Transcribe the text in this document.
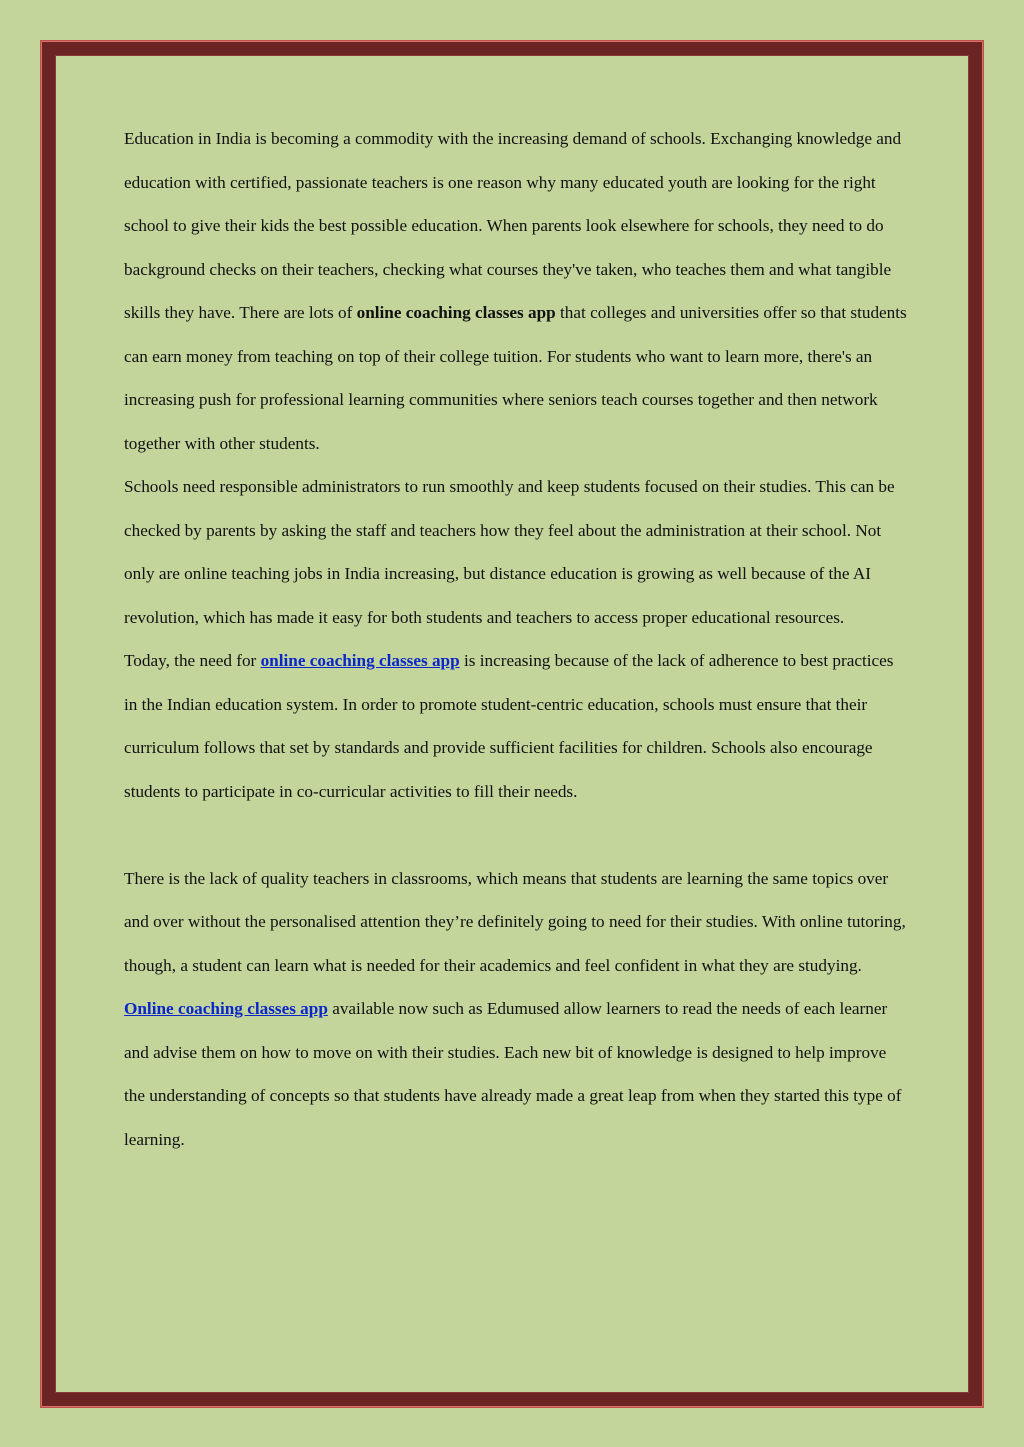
Education in India is becoming a commodity with the increasing demand of schools. Exchanging knowledge and education with certified, passionate teachers is one reason why many educated youth are looking for the right school to give their kids the best possible education. When parents look elsewhere for schools, they need to do background checks on their teachers, checking what courses they've taken, who teaches them and what tangible skills they have. There are lots of online coaching classes app that colleges and universities offer so that students can earn money from teaching on top of their college tuition. For students who want to learn more, there's an increasing push for professional learning communities where seniors teach courses together and then network together with other students.

Schools need responsible administrators to run smoothly and keep students focused on their studies. This can be checked by parents by asking the staff and teachers how they feel about the administration at their school. Not only are online teaching jobs in India increasing, but distance education is growing as well because of the AI revolution, which has made it easy for both students and teachers to access proper educational resources.

Today, the need for online coaching classes app is increasing because of the lack of adherence to best practices in the Indian education system. In order to promote student-centric education, schools must ensure that their curriculum follows that set by standards and provide sufficient facilities for children. Schools also encourage students to participate in co-curricular activities to fill their needs.

There is the lack of quality teachers in classrooms, which means that students are learning the same topics over and over without the personalised attention they’re definitely going to need for their studies. With online tutoring, though, a student can learn what is needed for their academics and feel confident in what they are studying. Online coaching classes app available now such as Edumused allow learners to read the needs of each learner and advise them on how to move on with their studies. Each new bit of knowledge is designed to help improve the understanding of concepts so that students have already made a great leap from when they started this type of learning.
